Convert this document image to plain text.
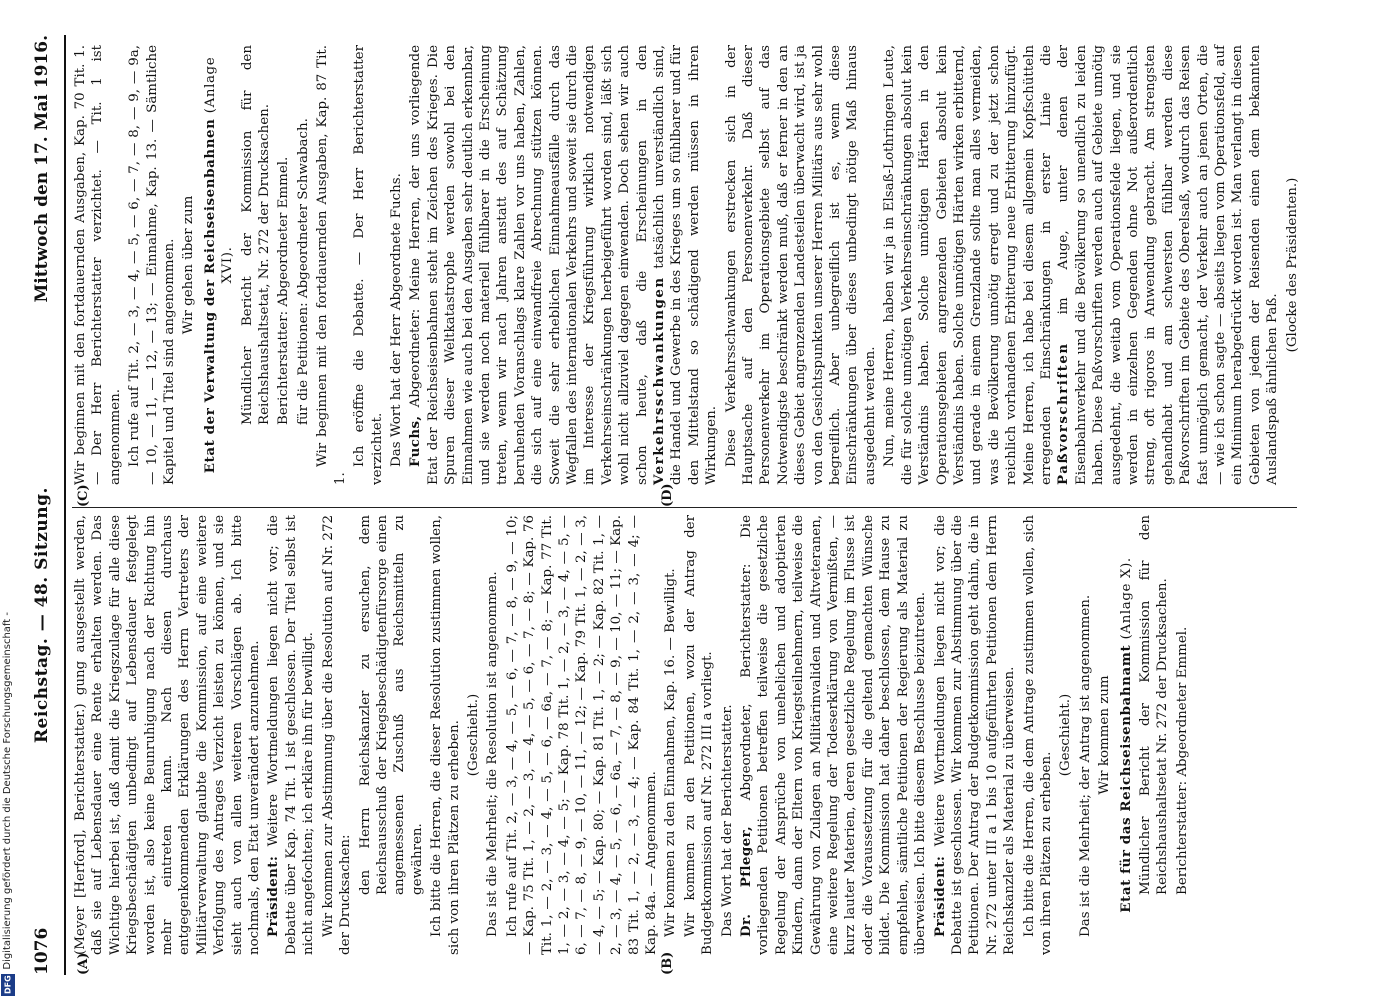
Digitalisierung gefördert durch die Deutsche Forschungsgemeinschaft -
DFG
1076
Reichstag. — 48. Sitzung.
Mittwoch den 17. Mai 1916.
(A)	(B)
(C)	(D)

(Meyer [Herford], Berichterstatter.) gung ausgestellt werden, daß sie auf Lebensdauer eine Rente erhalten werden. Das Wichtige hierbei ist, daß damit die Kriegszulage für alle diese Kriegsbeschädigten unbedingt auf Lebensdauer festgelegt worden ist, also keine Beunruhigung nach der Richtung hin mehr eintreten kann. Nach diesen durchaus entgegenkommenden Erklärungen des Herrn Vertreters der Militärverwaltung glaubte die Kommission, auf eine weitere Verfolgung des Antrages Verzicht leisten zu können, und sie sieht auch von allen weiteren Vorschlägen ab. Ich bitte nochmals, den Etat unverändert anzunehmen. Präsident: Weitere Wortmeldungen liegen nicht vor; die Debatte über Kap. 74 Tit. 1 ist geschlossen. Der Titel selbst ist nicht angefochten; ich erkläre ihn für bewilligt. Wir kommen zur Abstimmung über die Resolution auf Nr. 272 der Drucksachen: den Herrn Reichskanzler zu ersuchen, dem Reichsausschuß der Kriegsbeschädigtenfürsorge einen angemessenen Zuschuß aus Reichsmitteln zu gewähren. Ich bitte die Herren, die dieser Resolution zustimmen wollen, sich von ihren Plätzen zu erheben. (Geschieht.) Das ist die Mehrheit; die Resolution ist angenommen. Ich rufe auf Tit. 2, — 3, — 4, — 5, — 6, — 7, — 8, — 9, — 10; — Kap. 75 Tit. 1, — 2, — 3, — 4, — 5, — 6, — 7, — 8; — Kap. 76 Tit. 1, — 2, — 3, — 4, — 5, — 6, — 6a, — 7, — 8; — Kap. 77 Tit. 1, — 2, — 3, — 4, — 5; — Kap. 78 Tit. 1, — 2, — 3, — 4, — 5, — 6, — 7, — 8, — 9, — 10, — 11, — 12; — Kap. 79 Tit. 1, — 2, — 3, — 4, — 5; — Kap. 80; — Kap. 81 Tit. 1, — 2; — Kap. 82 Tit. 1, — 2, — 3, — 4, — 5, — 6, — 6a, — 7, — 8, — 9, — 10, — 11; — Kap. 83 Tit. 1, — 2, — 3, — 4; — Kap. 84 Tit. 1, — 2, — 3, — 4; — Kap. 84a. — Angenommen. Wir kommen zu den Einnahmen, Kap. 16. — Bewilligt. Wir kommen zu den Petitionen, wozu der Antrag der Budgetkommission auf Nr. 272 III a vorliegt. Das Wort hat der Berichterstatter. Dr. Pfleger, Abgeordneter, Berichterstatter: Die vorliegenden Petitionen betreffen teilweise die gesetzliche Regelung der Ansprüche von unehelichen und adoptierten Kindern, dann der Eltern von Kriegsteilnehmern, teilweise die Gewährung von Zulagen an Militärinvaliden und Altveteranen, eine weitere Regelung der Todeserklärung von Vermißten, — kurz lauter Materien, deren gesetzliche Regelung im Flusse ist oder die Voraussetzung für die geltend gemachten Wünsche bildet. Die Kommission hat daher beschlossen, dem Hause zu empfehlen, sämtliche Petitionen der Regierung als Material zu überweisen. Ich bitte diesem Beschlusse beizutreten. Präsident: Weitere Wortmeldungen liegen nicht vor; die Debatte ist geschlossen. Wir kommen zur Abstimmung über die Petitionen. Der Antrag der Budgetkommission geht dahin, die in Nr. 272 unter III a 1 bis 10 aufgeführten Petitionen dem Herrn Reichskanzler als Material zu überweisen. Ich bitte die Herren, die dem Antrage zustimmen wollen, sich von ihren Plätzen zu erheben.

(Geschieht.) Das ist die Mehrheit; der Antrag ist angenommen. Wir kommen zum Etat für das Reichseisenbahnamt (Anlage X). Mündlicher Bericht der Kommission für den Reichshaushaltsetat Nr. 272 der Drucksachen. Berichterstatter: Abgeordneter Emmel.

Wir beginnen mit den fortdauernden Ausgaben, Kap. 70 Tit. 1. — Der Herr Berichterstatter verzichtet. — Tit. 1 ist angenommen. Ich rufe auf Tit. 2, — 3, — 4, — 5, — 6, — 7, — 8, — 9, — 9a, — 10, — 11, — 12, — 13; — Einnahme, Kap. 13. — Sämtliche Kapitel und Titel sind angenommen. Wir gehen über zum Etat der Verwaltung der Reichseisenbahnen (Anlage XVI). Mündlicher Bericht der Kommission für den Reichshaushaltsetat, Nr. 272 der Drucksachen. Berichterstatter: Abgeordneter Emmel. für die Petitionen: Abgeordneter Schwabach. Wir beginnen mit den fortdauernden Ausgaben, Kap. 87 Tit. 1.

Ich eröffne die Debatte. — Der Herr Berichterstatter verzichtet. Das Wort hat der Herr Abgeordnete Fuchs. Fuchs, Abgeordneter: Meine Herren, der uns vorliegende Etat der Reichseisenbahnen steht im Zeichen des Krieges. Die Spuren dieser Weltkatastrophe werden sowohl bei den Einnahmen wie auch bei den Ausgaben sehr deutlich erkennbar, und sie werden noch materiell fühlbarer in die Erscheinung treten, wenn wir nach Jahren anstatt des auf Schätzung beruhenden Voranschlags klare Zahlen vor uns haben, Zahlen, die sich auf eine einwandfreie Abrechnung stützen können. Soweit die sehr erheblichen Einnahmeausfälle durch das Wegfallen des internationalen Verkehrs und soweit sie durch die im Interesse der Kriegsführung wirklich notwendigen Verkehrseinschränkungen herbeigeführt worden sind, läßt sich wohl nicht allzuviel dagegen einwenden. Doch sehen wir auch schon heute, daß die Erscheinungen in den Verkehrsschwankungen tatsächlich unverständlich sind, die Handel und Gewerbe in des Krieges um so fühlbarer und für den Mittelstand so schädigend werden müssen in ihren Wirkungen. Diese Verkehrsschwankungen erstrecken sich in der Hauptsache auf den Personenverkehr. Daß dieser Personenverkehr im Operationsgebiete selbst auf das Notwendigste beschränkt werden muß, daß er ferner in den an dieses Gebiet angrenzenden Landesteilen überwacht wird, ist ja von den Gesichtspunkten unserer Herren Militärs aus sehr wohl begreiflich. Aber unbegreiflich ist es, wenn diese Einschränkungen über dieses unbedingt nötige Maß hinaus ausgedehnt werden. Nun, meine Herren, haben wir ja in Elsaß-Lothringen Leute, die für solche unnötigen Verkehrseinschränkungen absolut kein Verständnis haben. Solche unnötigen Härten in den Operationsgebieten angrenzenden Gebieten absolut kein Verständnis haben. Solche unnötigen Härten wirken erbitternd, und gerade in einem Grenzlande sollte man alles vermeiden, was die Bevölkerung unnötig erregt und zu der jetzt schon reichlich vorhandenen Erbitterung neue Erbitterung hinzufügt. Meine Herren, ich habe bei diesem allgemein Kopfschütteln erregenden Einschränkungen in erster Linie die Paßvorschriften im Auge, unter denen der Eisenbahnverkehr und die Bevölkerung so unendlich zu leiden haben. Diese Paßvorschriften werden auch auf Gebiete unnötig ausgedehnt, die weitab vom Operationsfelde liegen, und sie werden in einzelnen Gegenden ohne Not außerordentlich streng, oft rigoros in Anwendung gebracht. Am strengsten gehandhabt und am schwersten fühlbar werden diese Paßvorschriften im Gebiete des Oberelsaß, wodurch das Reisen fast unmöglich gemacht, der Verkehr auch an jenen Orten, die — wie ich schon sagte — abseits liegen vom Operationsfeld, auf ein Minimum herabgedrückt worden ist. Man verlangt in diesen Gebieten von jedem der Reisenden einen dem bekannten Auslandspaß ähnlichen Paß.

(Glocke des Präsidenten.)
